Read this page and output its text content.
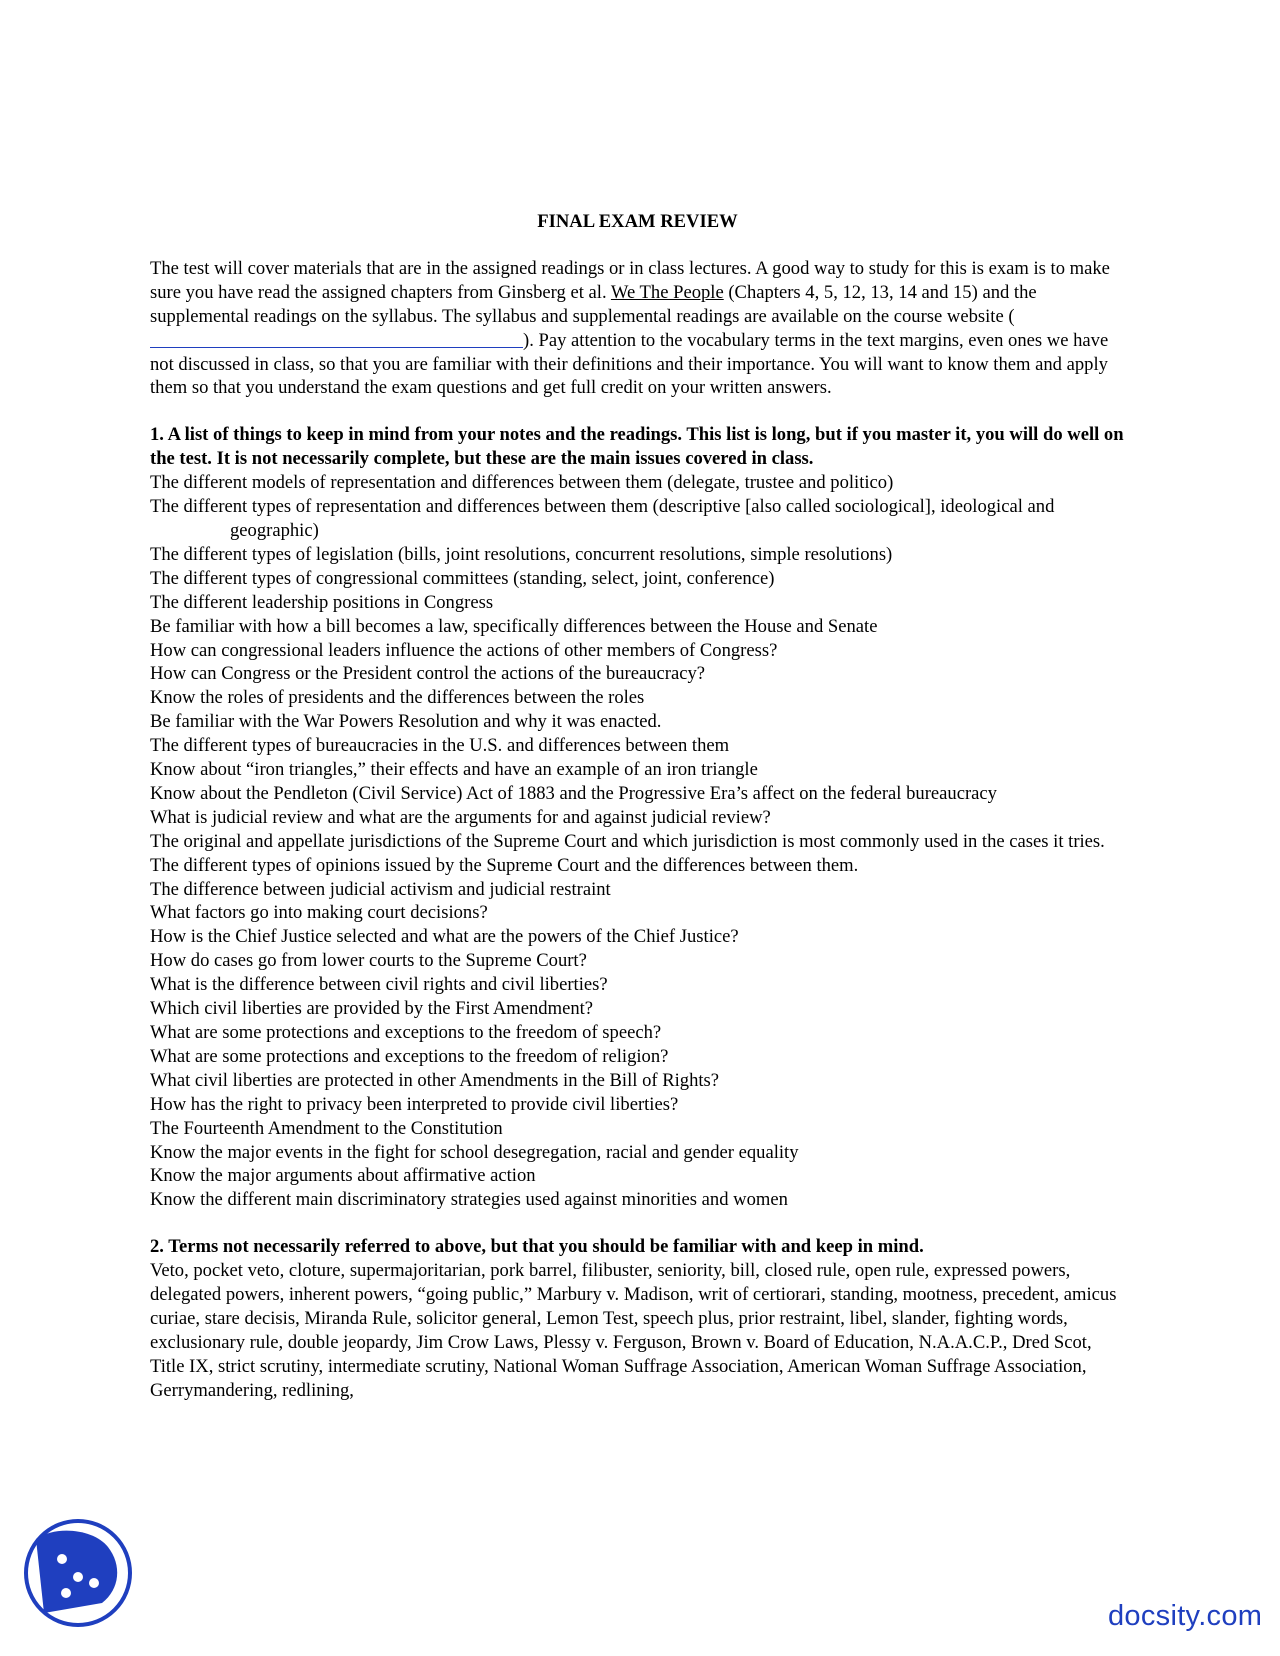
FINAL EXAM REVIEW

The test will cover materials that are in the assigned readings or in class lectures. A good way to study for this is exam is to make sure you have read the assigned chapters from Ginsberg et al. We The People (Chapters 4, 5, 12, 13, 14 and 15) and the supplemental readings on the syllabus. The syllabus and supplemental readings are available on the course website (). Pay attention to the vocabulary terms in the text margins, even ones we have not discussed in class, so that you are familiar with their definitions and their importance. You will want to know them and apply them so that you understand the exam questions and get full credit on your written answers.

1. A list of things to keep in mind from your notes and the readings. This list is long, but if you master it, you will do well on the test. It is not necessarily complete, but these are the main issues covered in class.

The different models of representation and differences between them (delegate, trustee and politico)
The different types of representation and differences between them (descriptive [also called sociological], ideological and geographic)
The different types of legislation (bills, joint resolutions, concurrent resolutions, simple resolutions)
The different types of congressional committees (standing, select, joint, conference)
The different leadership positions in Congress
Be familiar with how a bill becomes a law, specifically differences between the House and Senate
How can congressional leaders influence the actions of other members of Congress?
How can Congress or the President control the actions of the bureaucracy?
Know the roles of presidents and the differences between the roles
Be familiar with the War Powers Resolution and why it was enacted.
The different types of bureaucracies in the U.S. and differences between them
Know about “iron triangles,” their effects and have an example of an iron triangle
Know about the Pendleton (Civil Service) Act of 1883 and the Progressive Era’s affect on the federal bureaucracy
What is judicial review and what are the arguments for and against judicial review?
The original and appellate jurisdictions of the Supreme Court and which jurisdiction is most commonly used in the cases it tries.
The different types of opinions issued by the Supreme Court and the differences between them.
The difference between judicial activism and judicial restraint
What factors go into making court decisions?
How is the Chief Justice selected and what are the powers of the Chief Justice?
How do cases go from lower courts to the Supreme Court?
What is the difference between civil rights and civil liberties?
Which civil liberties are provided by the First Amendment?
What are some protections and exceptions to the freedom of speech?
What are some protections and exceptions to the freedom of religion?
What civil liberties are protected in other Amendments in the Bill of Rights?
How has the right to privacy been interpreted to provide civil liberties?
The Fourteenth Amendment to the Constitution
Know the major events in the fight for school desegregation, racial and gender equality
Know the major arguments about affirmative action
Know the different main discriminatory strategies used against minorities and women

2. Terms not necessarily referred to above, but that you should be familiar with and keep in mind.

Veto, pocket veto, cloture, supermajoritarian, pork barrel, filibuster, seniority, bill, closed rule, open rule, expressed powers, delegated powers, inherent powers, “going public,” Marbury v. Madison, writ of certiorari, standing, mootness, precedent, amicus curiae, stare decisis, Miranda Rule, solicitor general, Lemon Test, speech plus, prior restraint, libel, slander, fighting words, exclusionary rule, double jeopardy, Jim Crow Laws, Plessy v. Ferguson, Brown v. Board of Education, N.A.A.C.P., Dred Scot, Title IX, strict scrutiny, intermediate scrutiny, National Woman Suffrage Association, American Woman Suffrage Association, Gerrymandering, redlining,

docsity.com
